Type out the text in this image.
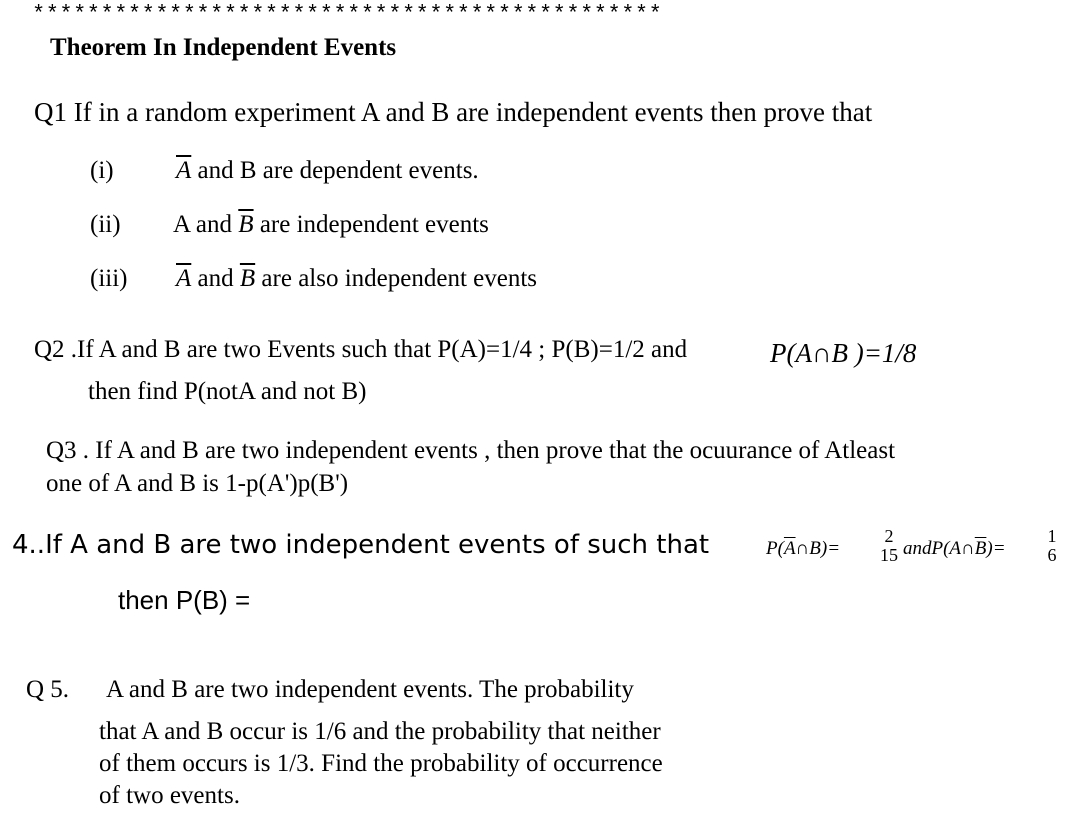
**********************************************
Theorem In Independent Events
Q1 If in a random experiment A and B are independent events then prove that
(i) $\overline{A}$ and B are dependent events.
(ii) A and $\overline{B}$ are independent events
(iii) $\overline{A}$ and $\overline{B}$ are also independent events
Q2 .If A and B are two Events such that P(A)=1/4 ; P(B)=1/2 and	P(A∩B )=1/8
then find P(notA and not B)
Q3 . If A and B are two independent events , then prove that the ocuurance of Atleast
one of A and B is 1-p(A')p(B')
4..If A and B are two independent events of such that	$P(\overline{A}\cap B)=$
2
15 $andP(A\cap\overline{B})=$
1
6
then P(B) =
Q 5. A and B are two independent events. The probability
that A and B occur is 1/6 and the probability that neither
of them occurs is 1/3. Find the probability of occurrence
of two events.
